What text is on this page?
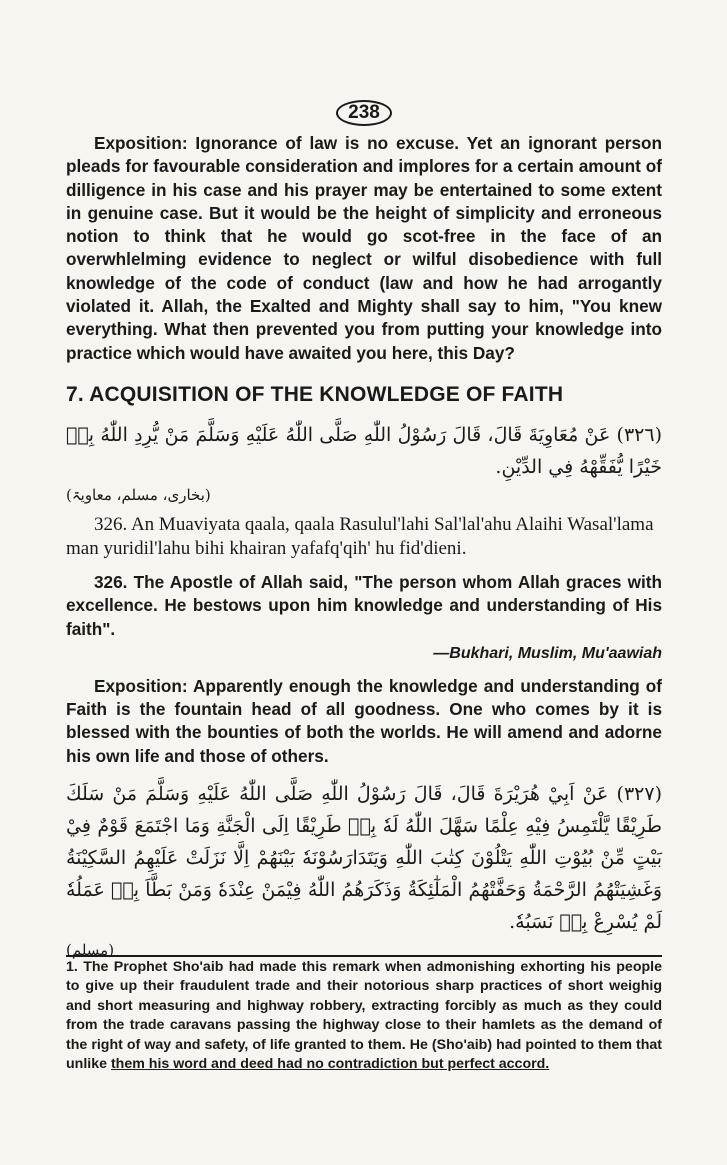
238

Exposition: Ignorance of law is no excuse. Yet an ignorant person pleads for favourable consideration and implores for a certain amount of dilligence in his case and his prayer may be entertained to some extent in genuine case. But it would be the height of simplicity and erroneous notion to think that he would go scot-free in the face of an overwhlelming evidence to neglect or wilful disobedience with full knowledge of the code of conduct (law and how he had arrogantly violated it. Allah, the Exalted and Mighty shall say to him, "You knew everything. What then prevented you from putting your knowledge into practice which would have awaited you here, this Day?

7. ACQUISITION OF THE KNOWLEDGE OF FAITH

(٣٢٦) عَنْ مُعَاوِيَةَ قَالَ، قَالَ رَسُوْلُ اللّٰهِ صَلَّى اللّٰهُ عَلَيْهِ وَسَلَّمَ مَنْ يُّرِدِ اللّٰهُ بِهٖ خَيْرًا يُّفَقِّهْهُ فِي الدِّيْنِ.

(بخاری، مسلم، معاویۃ)

326. An Muaviyata qaala, qaala Rasulul'lahi Sal'lal'ahu Alaihi Wasal'lama man yuridil'lahu bihi khairan yafafq'qih' hu fid'dieni.

326. The Apostle of Allah said, "The person whom Allah graces with excellence. He bestows upon him knowledge and understanding of His faith".

—Bukhari, Muslim, Mu'aawiah

Exposition: Apparently enough the knowledge and understanding of Faith is the fountain head of all goodness. One who comes by it is blessed with the bounties of both the worlds. He will amend and adorne his own life and those of others.

(٣٢٧) عَنْ اَبِيْ هُرَيْرَةَ قَالَ، قَالَ رَسُوْلُ اللّٰهِ صَلَّى اللّٰهُ عَلَيْهِ وَسَلَّمَ مَنْ سَلَكَ طَرِيْقًا يَّلْتَمِسُ فِيْهِ عِلْمًا سَهَّلَ اللّٰهُ لَهٗ بِهٖ طَرِيْقًا اِلَى الْجَنَّةِ وَمَا اجْتَمَعَ قَوْمٌ فِيْ بَيْتٍ مِّنْ بُيُوْتِ اللّٰهِ يَتْلُوْنَ كِتٰبَ اللّٰهِ وَيَتَدَارَسُوْنَهٗ بَيْنَهُمْ اِلَّا نَزَلَتْ عَلَيْهِمُ السَّكِيْنَةُ وَغَشِيَتْهُمُ الرَّحْمَةُ وَحَفَّتْهُمُ الْمَلٰٓئِكَةُ وَذَكَرَهُمُ اللّٰهُ فِيْمَنْ عِنْدَهٗ وَمَنْ بَطَّاَ بِهٖ عَمَلُهٗ لَمْ يُسْرِعْ بِهٖ نَسَبُهٗ.

(مسلم)

1. The Prophet Sho'aib had made this remark when admonishing exhorting his people to give up their fraudulent trade and their notorious sharp practices of short weighig and short measuring and highway robbery, extracting forcibly as much as they could from the trade caravans passing the highway close to their hamlets as the demand of the right of way and safety, of life granted to them. He (Sho'aib) had pointed to them that unlike them his word and deed had no contradiction but perfect accord.
